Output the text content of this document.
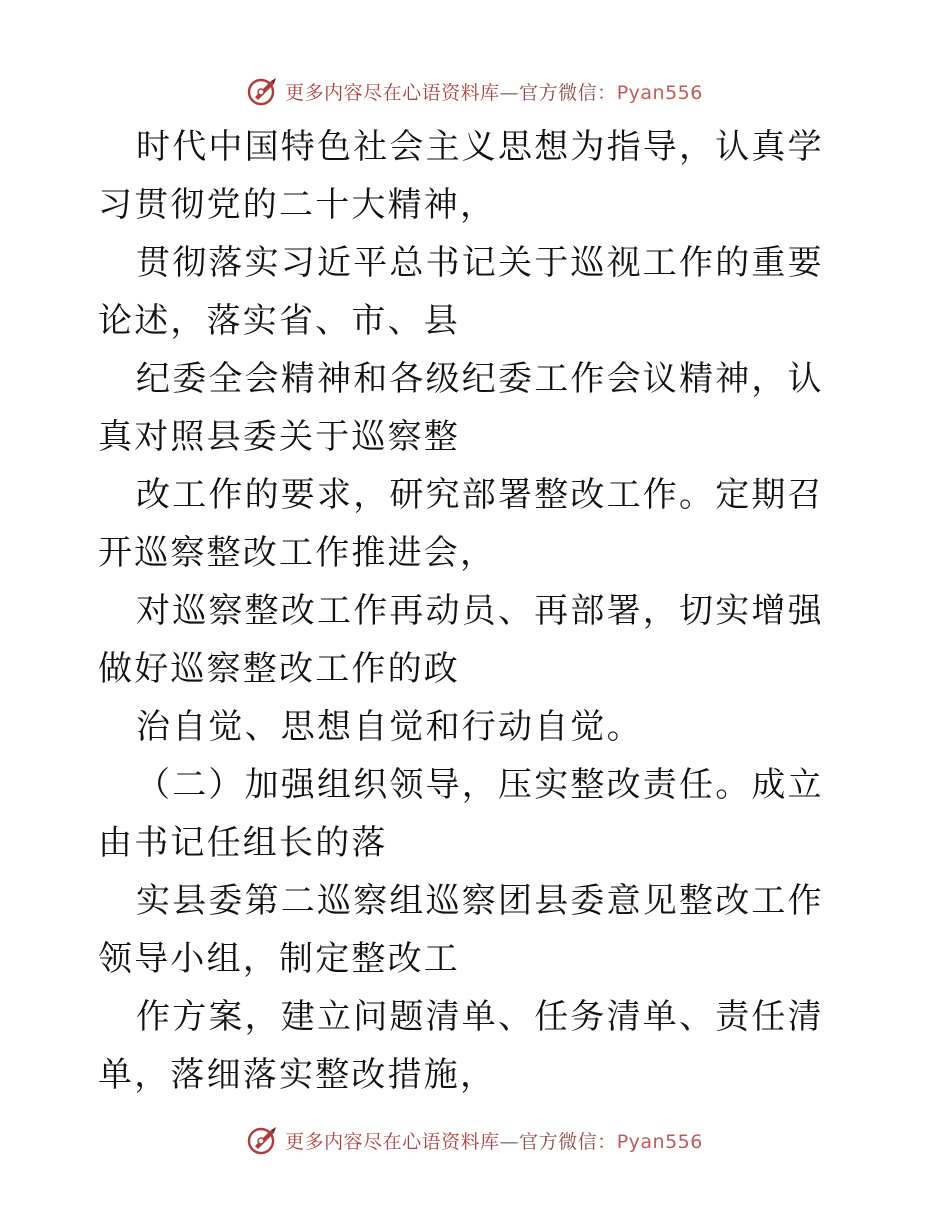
更多内容尽在心语资料库—官方微信：Pyan556

时代中国特色社会主义思想为指导，认真学习贯彻党的二十大精神，

贯彻落实习近平总书记关于巡视工作的重要论述，落实省、市、县

纪委全会精神和各级纪委工作会议精神，认真对照县委关于巡察整

改工作的要求，研究部署整改工作。定期召开巡察整改工作推进会，

对巡察整改工作再动员、再部署，切实增强做好巡察整改工作的政

治自觉、思想自觉和行动自觉。

（二）加强组织领导，压实整改责任。成立由书记任组长的落

实县委第二巡察组巡察团县委意见整改工作领导小组，制定整改工

作方案，建立问题清单、任务清单、责任清单，落细落实整改措施，

更多内容尽在心语资料库—官方微信：Pyan556
